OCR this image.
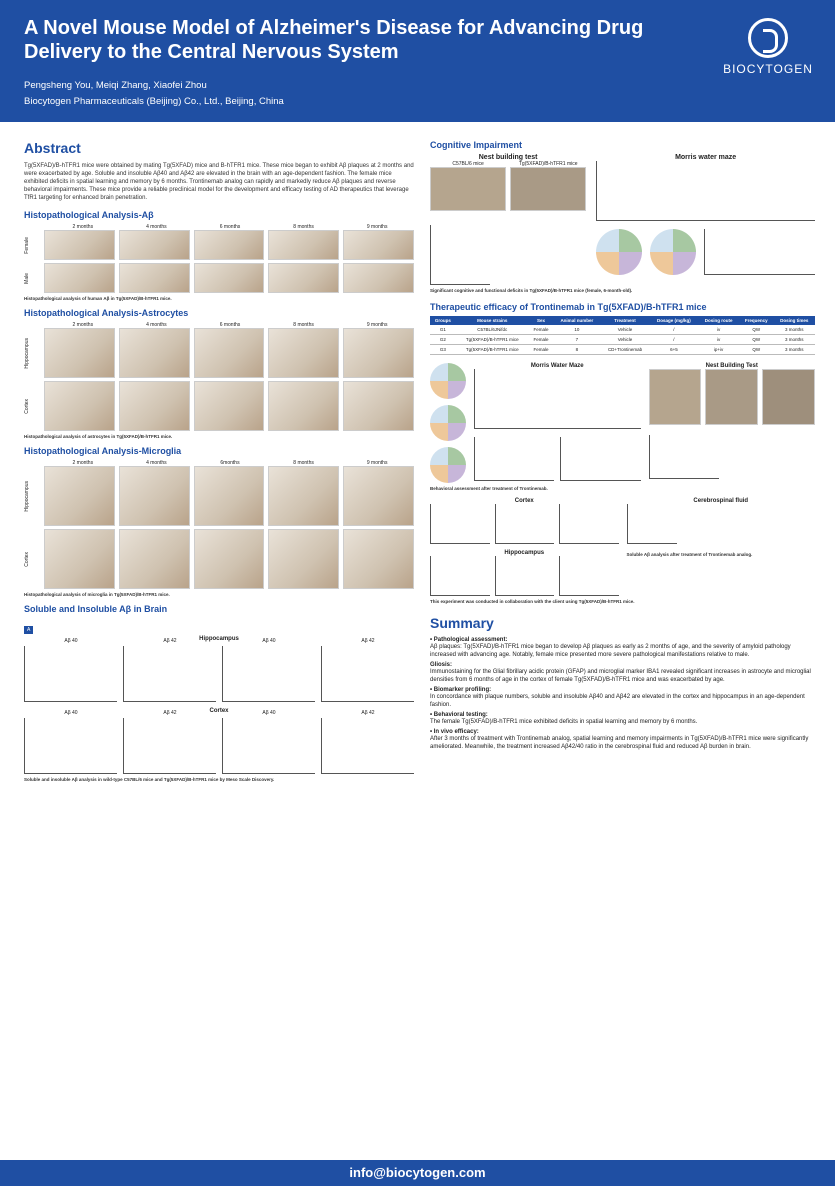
A Novel Mouse Model of Alzheimer's Disease for Advancing Drug Delivery to the Central Nervous System
Pengsheng You, Meiqi Zhang, Xiaofei Zhou
Biocytogen Pharmaceuticals (Beijing) Co., Ltd., Beijing, China
BIOCYTOGEN
Abstract
Tg(5XFAD)/B-hTFR1 mice were obtained by mating Tg(5XFAD) mice and B-hTFR1 mice. These mice began to exhibit Aβ plaques at 2 months and were exacerbated by age. Soluble and insoluble Aβ40 and Aβ42 are elevated in the brain with an age-dependent fashion. The female mice exhibited deficits in spatial learning and memory by 6 months. Trontinemab analog can rapidly and markedly reduce Aβ plaques and reverse behavioral impairments. These mice provide a reliable preclinical model for the development and efficacy testing of AD therapeutics that leverage TfR1 targeting for enhanced brain penetration.
Histopathological Analysis-Aβ
2 months	4 months	6 months	8 months	9 months
Female
Male
Histopathological analysis of human Aβ in Tg(5XFAD)/B-hTFR1 mice.
Histopathological Analysis-Astrocytes
2 months	4 months	6 months	8 months	9 months
Hippocampus
Cortex
Histopathological analysis of astrocytes in Tg(5XFAD)/B-hTFR1 mice.
Histopathological Analysis-Microglia
2 months	4 months	6months	8 months	9 months
Hippocampus
Cortex
Histopathological analysis of microglia in Tg(5XFAD)/B-hTFR1 mice.
Soluble and Insoluble Aβ in Brain
A
Hippocampus
Aβ 40	Aβ 42	Aβ 40	Aβ 42
Cortex
Aβ 40	Aβ 42	Aβ 40	Aβ 42
Soluble and insoluble Aβ analysis in wild-type C57BL/6 mice and Tg(5XFAD)/B-hTFR1 mice by Meso Scale Discovery.
Cognitive Impairment
Nest building test
C57BL/6 mice	Tg(5XFAD)/B-hTFR1 mice
Morris water maze
Significant cognitive and functional deficits in Tg(5XFAD)/B-hTFR1 mice (female, 6-month-old).
Therapeutic efficacy of Trontinemab in Tg(5XFAD)/B-hTFR1 mice
Groups	Mouse strains	Sex	Animal number	Treatment	Dosage (mg/kg)	Dosing route	Frequency	Dosing times
G1	C57BL/6JNifdc	Female	10	Vehicle	/	iv	QW	3 months
G2	Tg(5XFAD)/B-hTFR1 mice	Female	7	Vehicle	/	iv	QW	3 months
G3	Tg(5XFAD)/B-hTFR1 mice	Female	8	CD+Trontinemab	6+5	ip+iv	QW	3 months
Morris Water Maze	Nest Building Test
Behavioral assessment after treatment of Trontinemab.
Cortex
Hippocampus
Cerebrospinal fluid
Soluble Aβ analysis after treatment of Trontinemab analog.
This experiment was conducted in collaboration with the client using Tg(5XFAD)/B-hTFR1 mice.
Summary
• Pathological assessment:
Aβ plaques: Tg(5XFAD)/B-hTFR1 mice began to develop Aβ plaques as early as 2 months of age, and the severity of amyloid pathology increased with advancing age. Notably, female mice presented more severe pathological manifestations relative to male.
Gliosis:
Immunostaining for the Glial fibrillary acidic protein (GFAP) and microglial marker IBA1 revealed significant increases in astrocyte and microglial densities from 6 months of age in the cortex of female Tg(5XFAD)/B-hTFR1 mice and was exacerbated by age.
• Biomarker profiling:
In concordance with plaque numbers, soluble and insoluble Aβ40 and Aβ42 are elevated in the cortex and hippocampus in an age-dependent fashion.
• Behavioral testing:
The female Tg(5XFAD)/B-hTFR1 mice exhibited deficits in spatial learning and memory by 6 months.
• In vivo efficacy:
After 3 months of treatment with Trontinemab analog, spatial learning and memory impairments in Tg(5XFAD)/B-hTFR1 mice were significantly ameliorated. Meanwhile, the treatment increased Aβ42/40 ratio in the cerebrospinal fluid and reduced Aβ burden in brain.
info@biocytogen.com
